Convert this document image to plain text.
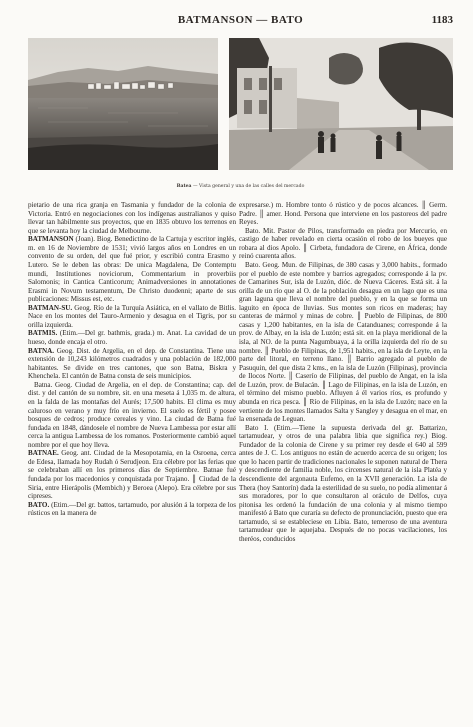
BATMANSON — BATO	1183
Batea — Vista general y una de las calles del mercado

pietario de una rica granja en Tasmania y fundador de la colonia de Victoria. Entró en negociaciones con los indígenas australianos y quiso llevar tan hábilmente sus proyectos, que en 1835 obtuvo los terrenos en que se levanta hoy la ciudad de Melbourne.

BATMANSON (Joan). Biog. Benedictino de la Cartuja y escritor inglés, m. en 16 de Noviembre de 1531; vivió largos años en Londres en un convento de su orden, del que fué prior, y escribió contra Erasmo y Lutero. Se le deben las obras: De unica Magdalena, De Contemptu mundi, Institutiones noviciorum, Commentarium in proverbiis Salomonis; in Cantica Canticorum; Animadversiones in annotationes Erasmi in Novum testamentum, De Christo duodenni; aparte de sus publicaciones: Missus est, etc.

BATMAN-SU. Geog. Río de la Turquía Asiática, en el vallato de Bitlis. Nace en los montes del Tauro-Armenio y desagua en el Tigris, por su orilla izquierda.

BATMIS. (Etim.—Del gr. bathmis, grada.) m. Anat. La cavidad de un hueso, donde encaja el otro.

BATNA. Geog. Dist. de Argelia, en el dep. de Constantina. Tiene una extensión de 10,243 kilómetros cuadrados y una población de 182,000 habitantes. Se divide en tres cantones, que son Batna, Biskra y Khenchela. El cantón de Batna consta de seis municipios.

Batna. Geog. Ciudad de Argelia, en el dep. de Constantina; cap. del dist. y del cantón de su nombre, sit. en una meseta á 1,035 m. de altura, en la falda de las montañas del Aurés; 17,500 habits. El clima es muy caluroso en verano y muy frío en invierno. El suelo es fértil y posee bosques de cedros; produce cereales y vino. La ciudad de Batna fué fundada en 1848, dándosele el nombre de Nueva Lambessa por estar allí cerca la antigua Lambessa de los romanos. Posteriormente cambió aquel nombre por el que hoy lleva.

BATNAE. Geog. ant. Ciudad de la Mesopotamia, en la Osroena, cerca de Edesa, llamada hoy Rudah ó Serudjeon. Era célebre por las ferias que se celebraban allí en los primeros días de Septiembre. Batnae fué fundada por los macedonios y conquistada por Trajano. ║ Ciudad de la Siria, entre Hierápolis (Membich) y Beroea (Alepo). Era célebre por sus cipreses.

BATO. (Etim.—Del gr. battos, tartamudo, por alusión á la torpeza de los rústicos en la manera de

expresarse.) m. Hombre tonto ó rústico y de pocos alcances. ║ Germ. Padre. ║ amer. Hond. Persona que interviene en los pastoreos del padre Reyes.

Bato. Mit. Pastor de Pilos, transformado en piedra por Mercurio, en castigo de haber revelado en cierta ocasión el robo de los bueyes que robara al dios Apolo. ║ Cirbeta, fundadora de Cirene, en África, donde reinó cuarenta años.

Bato. Geog. Mun. de Filipinas, de 380 casas y 3,000 habits., formado por el pueblo de este nombre y barrios agregados; corresponde á la pv. de Camarines Sur, isla de Luzón, dióc. de Nueva Cáceres. Está sit. á la orilla de un río que al O. de la población desagua en un lago que es una gran laguna que lleva el nombre del pueblo, y en la que se forma un laguito en época de lluvias. Sus montes son ricos en maderas; hay canteras de mármol y minas de cobre. ║ Pueblo de Filipinas, de 800 casas y 1,200 habitantes, en la isla de Catanduanes; corresponde á la prov. de Albay, en la isla de Luzón; está sit. en la playa meridional de la isla, al NO. de la punta Nagumbuaya, á la orilla izquierda del río de su nombre. ║ Pueblo de Filipinas, de 1,951 habits., en la isla de Leyte, en la parte del litoral, en terreno llano. ║ Barrio agregado al pueblo de Pasuquin, del que dista 2 kms., en la isla de Luzón (Filipinas), provincia de Ilocos Norte. ║ Caserío de Filipinas, del pueblo de Angat, en la isla de Luzón, prov. de Bulacán. ║ Lago de Filipinas, en la isla de Luzón, en el término del mismo pueblo. Afluyen á él varios ríos, es profundo y abunda en rica pesca. ║ Río de Filipinas, en la isla de Luzón; nace en la vertiente de los montes llamados Salta y Sangley y desagua en el mar, en la ensenada de Leguan.

Bato I. (Etim.—Tiene la supuesta derivada del gr. Battarizo, tartamudear, y otros de una palabra libia que significa rey.) Biog. Fundador de la colonia de Cirene y su primer rey desde el 640 al 599 antes de J. C. Los antiguos no están de acuerdo acerca de su origen; los que lo hacen partir de tradiciones nacionales le suponen natural de Thera y descendiente de familia noble, los circenses natural de la isla Platéa y descendiente del argonauta Eufemo, en la XVII generación. La isla de Thera (hoy Santorín) dada la esterilidad de su suelo, no podía alimentar á sus moradores, por lo que consultaron al oráculo de Delfos, cuya pitonisa les ordenó la fundación de una colonia y al mismo tiempo manifestó á Bato que curaría su defecto de pronunciación, puesto que era tartamudo, si se estableciese en Libia. Bato, temeroso de una aventura tartamudear que le aquejaba. Después de no pocas vacilaciones, los theréos, conducidos
